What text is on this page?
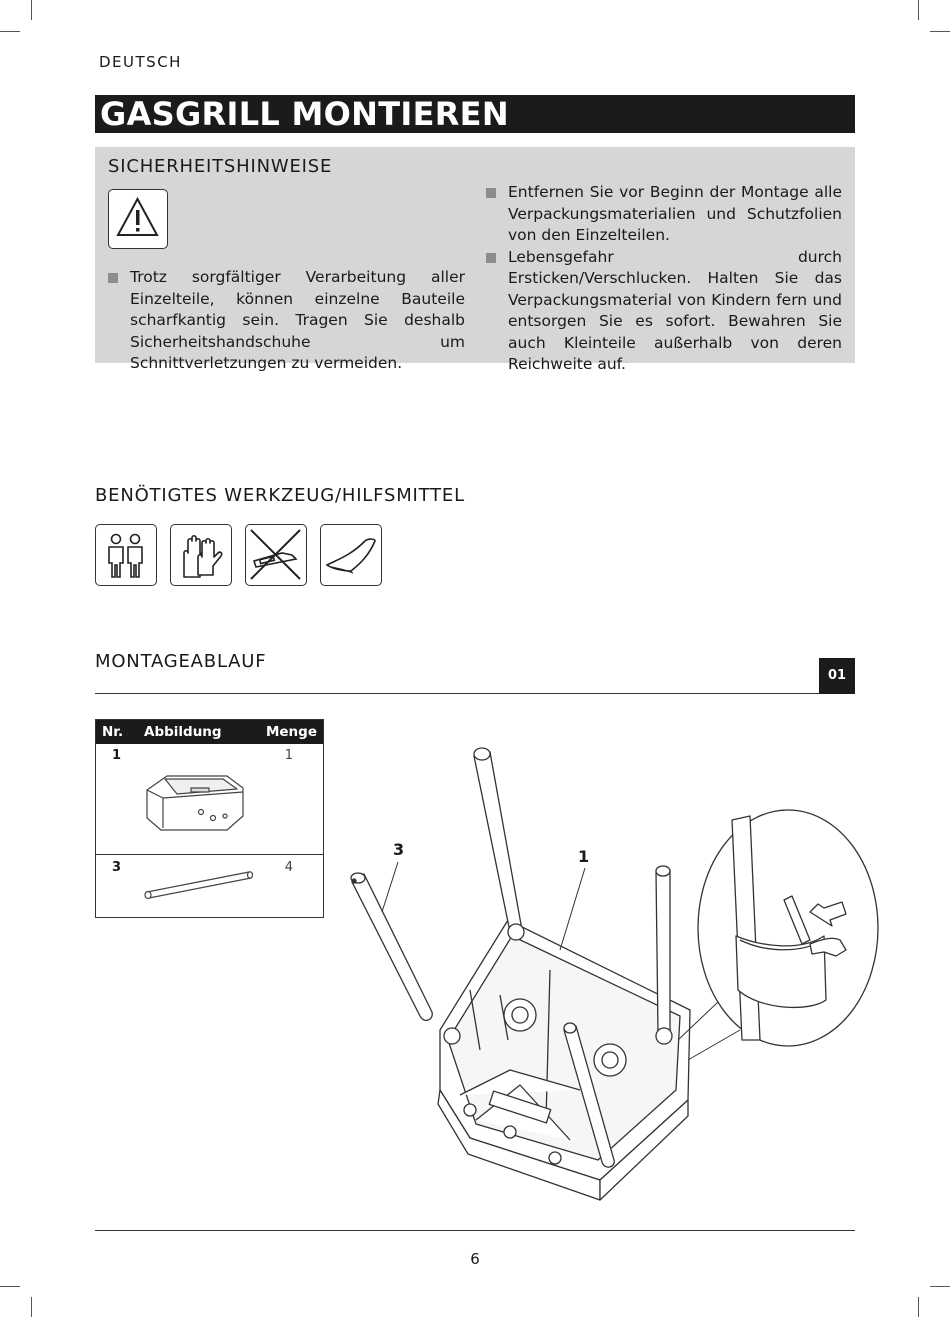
DEUTSCH
GASGRILL MONTIEREN
SICHERHEITSHINWEISE

Trotz sorgfältiger Verarbeitung aller Einzelteile, können einzelne Bauteile scharfkantig sein. Tragen Sie deshalb Sicherheitshandschuhe um Schnittverletzungen zu vermeiden.

Entfernen Sie vor Beginn der Montage alle Verpackungsmaterialien und Schutzfolien von den Einzelteilen.

Lebensgefahr durch Ersticken/Verschlucken. Halten Sie das Verpackungsmaterial von Kindern fern und entsorgen Sie es sofort. Bewahren Sie auch Kleinteile außerhalb von deren Reichweite auf.

BENÖTIGTES WERKZEUG/HILFSMITTEL
MONTAGEABLAUF
01
Nr. Abbildung	Menge
1	1
3	4
3	1
6
